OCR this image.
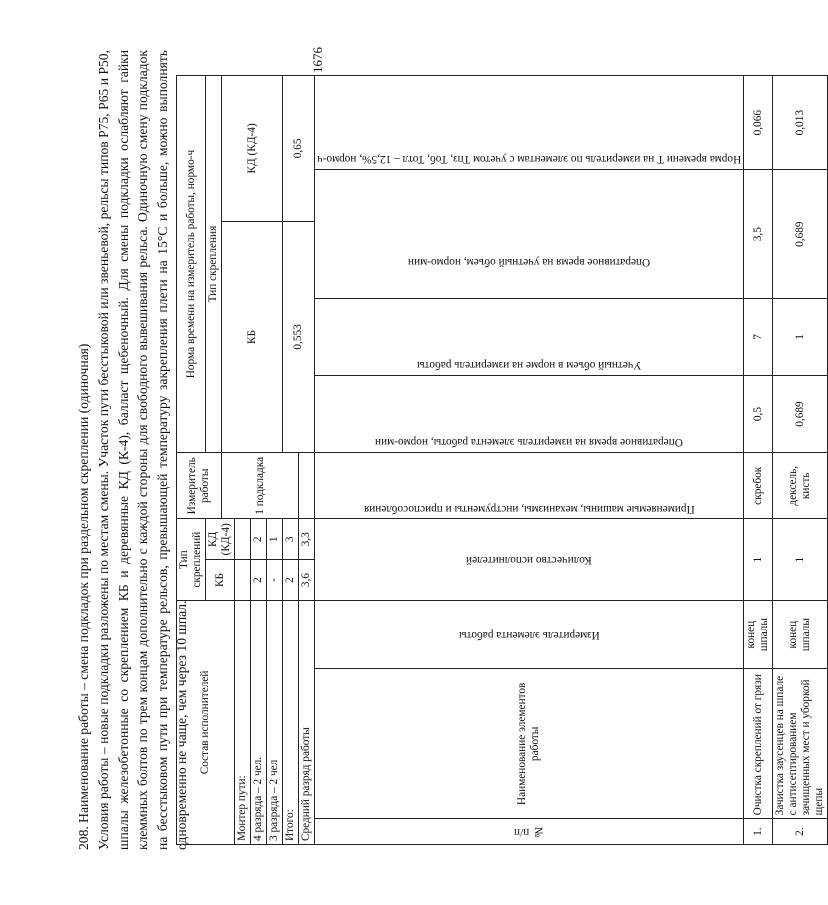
1676

208. Наименование работы – смена подкладок при раздельном скреплении (одиночная) Условия работы – новые подкладки разложены по местам смены. Участок пути бесстыковой или звеньевой, рельсы типов Р75, Р65 и Р50, шпалы железобетонные со скреплением КБ и деревянные КД (К-4), балласт щебеночный. Для смены подкладки ослабляют гайки клеммных болтов по трем концам дополнительно с каждой стороны для свободного вывешивания рельса. Одиночную смену подкладок на бесстыковом пути при температуре рельсов, превышающей температуру закрепления плети на 15°С и больше, можно выполнять одновременно не чаще, чем через 10 шпал. Состав исполнителей			Тип скреплений		Измеритель работы	Норма времени на измеритель работы, нормо-ч				
			КБ	КД (КД-4)		Тип скрепления				
					1 подкладка	КБ			КД (КД-4)	
Монтер пути:										
4 разряда – 2 чел.			2	2						
3 разряда – 2 чел			-	1						
Итого:			2	3		0,553			0,65	
Средний разряд работы			3,6	3,3						

№ п/п	Наименование элементов работы	Измеритель элемента работы	Количество исполнителей		Применяемые машины, механизмы, инструменты и приспособления	Оперативное время на измеритель элемента работы, нормо-мин	Учетный объем в норме на измеритель работы	Оперативное время на учетный объем, нормо-мин		Норма времени Т на измеритель по элементам с учетом Тпз, Тоб, Тотл – 12,5%, нормо-ч

1.	Очистка скреплений от грязи	конец шпалы	1		скребок	0,5	7	3,5		0,066
2.	Зачистка заусенцев на шпале с антисептированием зачищенных мест и уборкой щепы	конец шпалы	1		дексель, кисть	0,689	1	0,689		0,013
